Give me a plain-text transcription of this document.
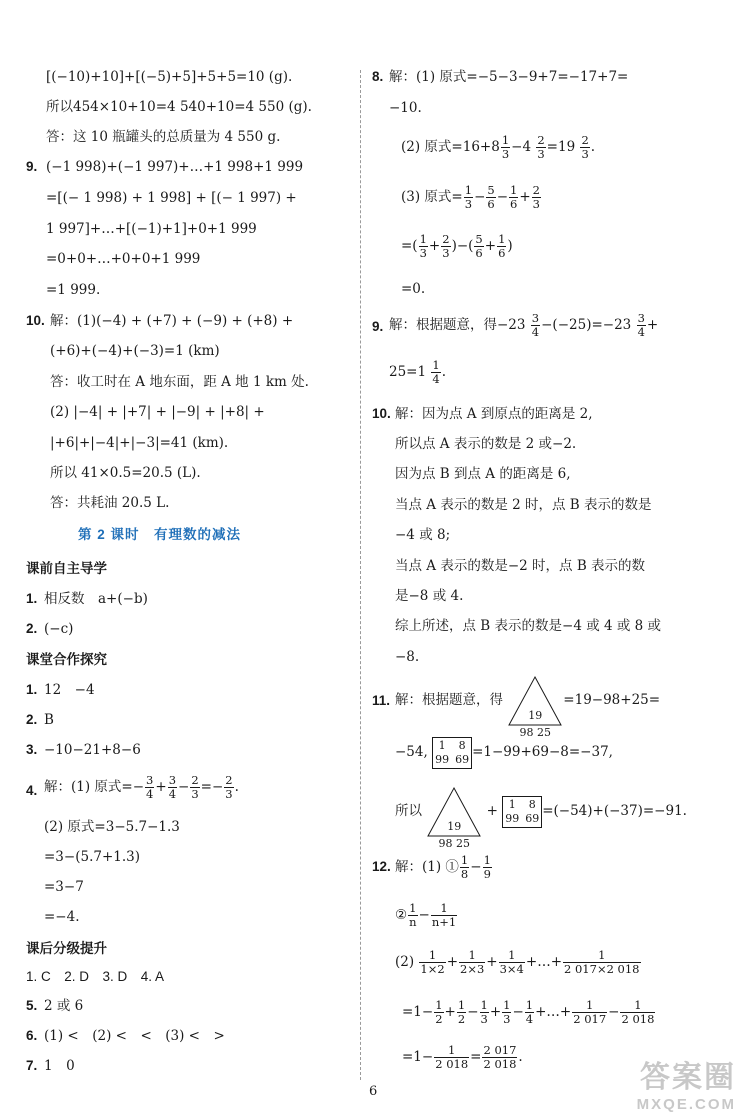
[(−10)+10]+[(−5)+5]+5+5=10 (g).
所以454×10+10=4 540+10=4 550 (g).
答：这 10 瓶罐头的总质量为 4 550 g.
9. (−1 998)+(−1 997)+…+1 998+1 999
=[(− 1 998) + 1 998] + [(− 1 997) +
1 997]+…+[(−1)+1]+0+1 999
=0+0+…+0+0+1 999
=1 999.
10. 解：(1)(−4) + (+7) + (−9) + (+8) +
(+6)+(−4)+(−3)=1 (km)
答：收工时在 A 地东面，距 A 地 1 km 处.
(2) |−4| + |+7| + |−9| + |+8| +
|+6|+|−4|+|−3|=41 (km).
所以 41×0.5=20.5 (L).
答：共耗油 20.5 L.
第 2 课时　有理数的减法
课前自主导学
1. 相反数　a+(−b)
2. (−c)
课堂合作探究
1. 12　−4
2. B
3. −10−21+8−6
4. 解：(1) 原式=− $\frac{3}{4} + \frac{3}{4} - \frac{2}{3} =- \frac{2}{3}$ .
(2) 原式=3−5.7−1.3
=3−(5.7+1.3)
=3−7
=−4.
课后分级提升
1. C　2. D　3. D　4. A
5. 2 或 6
6. (1) <　(2) <　<　(3) <　>
7. 1　0
8. 解：(1) 原式=−5−3−9+7=−17+7=
−10.
(2) 原式$=16+8 \frac{1}{3} -4 \frac{2}{3} =19 \frac{2}{3}$ .
(3) 原式= $\frac{1}{3} - \frac{5}{6} - \frac{1}{6} + \frac{2}{3}$
=( $\frac{1}{3} + \frac{2}{3}$ )−( $\frac{5}{6} + \frac{1}{6}$ )
=0.
9. 解：根据题意，得$-23 \frac{3}{4} -(-25)=-23 \frac{3}{4}$ +
$25=1 \frac{1}{4}$ .
10. 解：因为点 A 到原点的距离是 2,
所以点 A 表示的数是 2 或−2.
因为点 B 到点 A 的距离是 6,
当点 A 表示的数是 2 时，点 B 表示的数是
−4 或 8;
当点 A 表示的数是−2 时，点 B 表示的数
是−8 或 4.
综上所述，点 B 表示的数是−4 或 4 或 8 或
−8.
11. 解：根据题意，得
19
98 25
=19−98+25=
−54, 1	8
99 69 =1−99+69−8=−37,
所以
19
98 25
+ 1	8
99 69 =(−54)+(−37)=−91.
12. 解：(1) ① $\frac{1}{8} - \frac{1}{9}$
② $\frac{1}{n} - \frac{1}{n+1}$
$(2) \frac{1}{1\times 2} + \frac{1}{2\times 3} + \frac{1}{3\times 4}$ +…+ $\frac{1}{2 017\times 2 018}$
$=1- \frac{1}{2} + \frac{1}{2} - \frac{1}{3} + \frac{1}{3} - \frac{1}{4}$ +…+ $\frac{1}{2 017} - \frac{1}{2 018}$
$=1- \frac{1}{2 018} = \frac{2 017}{2 018}$ .
6	答案圈
MXQE.COM
